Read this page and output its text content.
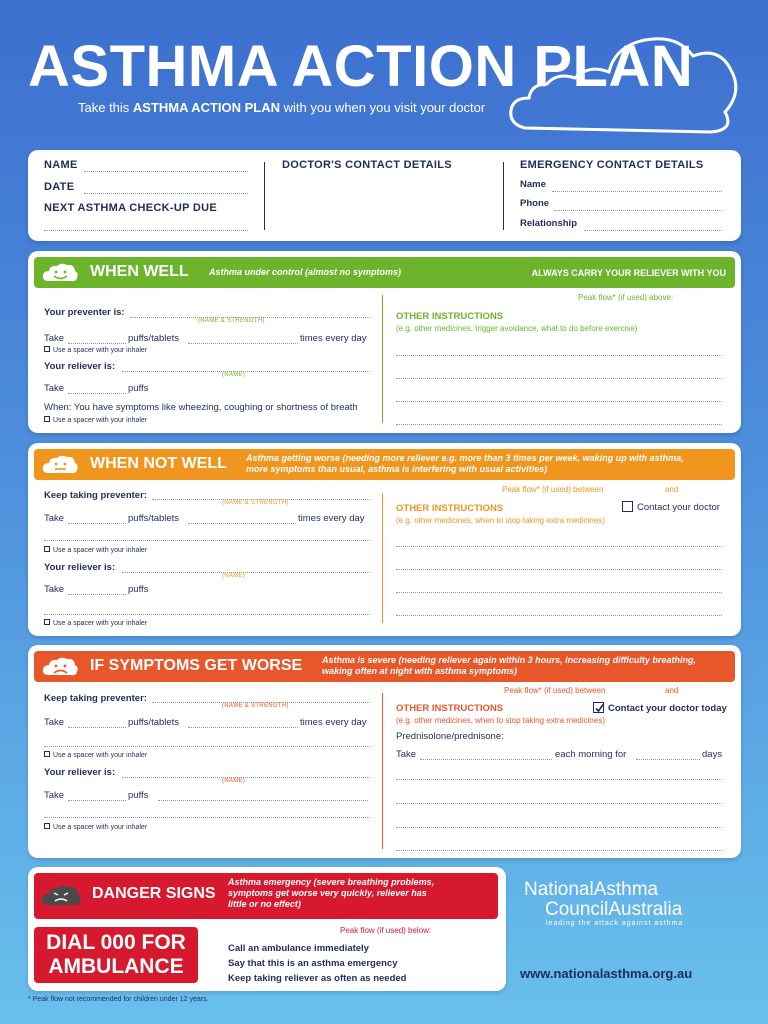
ASTHMA ACTION PLAN
Take this ASTHMA ACTION PLAN with you when you visit your doctor
NAME
DATE
NEXT ASTHMA CHECK-UP DUE
DOCTOR'S CONTACT DETAILS	EMERGENCY CONTACT DETAILS
Name
Phone
Relationship
WHEN WELL Asthma under control (almost no symptoms)	ALWAYS CARRY YOUR RELIEVER WITH YOU
Peak flow* (if used) above:
Your preventer is:
(NAME & STRENGTH)
Take	puffs/tablets	times every day
Use a spacer with your inhaler
Your reliever is:
(NAME)
Take	puffs
When: You have symptoms like wheezing, coughing or shortness of breath
Use a spacer with your inhaler
OTHER INSTRUCTIONS
(e.g. other medicines, trigger avoidance, what to do before exercise)
WHEN NOT WELL Asthma getting worse (needing more reliever e.g. more than 3 times per week, waking up with asthma,
more symptoms than usual, asthma is interfering with usual activities)
Peak flow* (if used) between	and
Keep taking preventer:
(NAME & STRENGTH)
Take	puffs/tablets	times every day
Use a spacer with your inhaler
Your reliever is:
(NAME)
Take	puffs
Use a spacer with your inhaler
OTHER INSTRUCTIONS
(e.g. other medicines, when to stop taking extra medicines)
Contact your doctor
IF SYMPTOMS GET WORSE Asthma is severe (needing reliever again within 3 hours, increasing difficulty breathing,
waking often at night with asthma symptoms)
Peak flow* (if used) between	and
Keep taking preventer:
(NAME & STRENGTH)
Take	puffs/tablets	times every day
Use a spacer with your inhaler
Your reliever is:
(NAME)
Take	puffs
Use a spacer with your inhaler
OTHER INSTRUCTIONS
(e.g. other medicines, when to stop taking extra medicines)
Contact your doctor today
Prednisolone/prednisone:
Take	each morning for	days
DANGER SIGNS
Asthma emergency (severe breathing problems,
symptoms get worse very quickly, reliever has
little or no effect)
DIAL 000 FOR
AMBULANCE
Peak flow (if used) below:
Call an ambulance immediately
Say that this is an asthma emergency
Keep taking reliever as often as needed
NationalAsthma
CouncilAustralia
leading the attack against asthma
www.nationalasthma.org.au
* Peak flow not recommended for children under 12 years.
